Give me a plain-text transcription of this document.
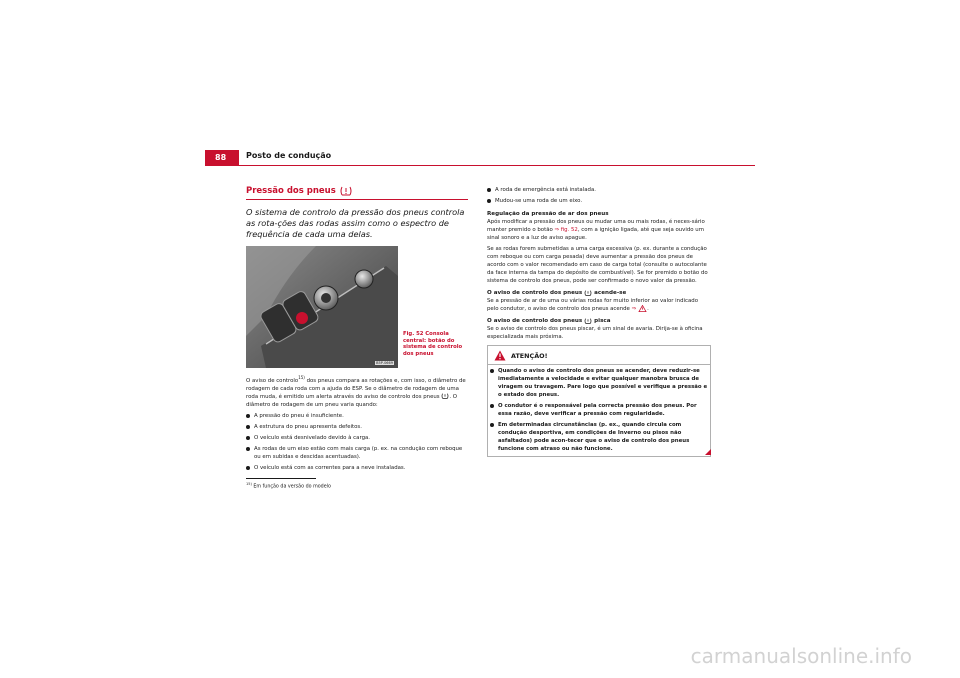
88	Posto de condução
Pressão dos pneus
O sistema de controlo da pressão dos pneus controla as rota-ções das rodas assim como o espectro de frequência de cada uma delas.
B5P-0669
Fig. 52 Consola central: botão do sistema de controlo dos pneus

O aviso de controlo$^{15)}$ dos pneus compara as rotações e, com isso, o diâmetro de rodagem de cada roda com a ajuda do ESP. Se o diâmetro de rodagem de uma roda muda, é emitido um alerta através do aviso de controlo dos pneus . O diâmetro de rodagem de um pneu varia quando:

A pressão do pneu é insuficiente.
A estrutura do pneu apresenta defeitos.
O veículo está desnivelado devido à carga.
As rodas de um eixo estão com mais carga (p. ex. na condução com reboque ou em subidas e descidas acentuadas).
O veículo está com as correntes para a neve instaladas.
$^{15)}$ Em função da versão do modelo
A roda de emergência está instalada.
Mudou-se uma roda de um eixo.
Regulação da pressão de ar dos pneus

Após modificar a pressão dos pneus ou mudar uma ou mais rodas, é neces-sário manter premido o botão ⇒ fig. 52, com a ignição ligada, até que seja ouvido um sinal sonoro e a luz de aviso apague.

Se as rodas forem submetidas a uma carga excessiva (p. ex. durante a condução com reboque ou com carga pesada) deve aumentar a pressão dos pneus de acordo com o valor recomendado em caso de carga total (consulte o autocolante da face interna da tampa do depósito de combustível). Se for premido o botão do sistema de controlo dos pneus, pode ser confirmado o novo valor da pressão.

O aviso de controlo dos pneus  acende-se

Se a pressão de ar de uma ou várias rodas for muito inferior ao valor indicado pelo condutor, o aviso de controlo dos pneus acende ⇒ .

O aviso de controlo dos pneus  pisca

Se o aviso de controlo dos pneus piscar, é um sinal de avaria. Dirija-se à oficina especializada mais próxima.

ATENÇÃO!
Quando o aviso de controlo dos pneus se acender, deve reduzir-se imediatamente a velocidade e evitar qualquer manobra brusca de viragem ou travagem. Pare logo que possível e verifique a pressão e o estado dos pneus.
O condutor é o responsável pela correcta pressão dos pneus. Por essa razão, deve verificar a pressão com regularidade.
Em determinadas circunstâncias (p. ex., quando circula com condução desportiva, em condições de Inverno ou pisos não asfaltados) pode acon-tecer que o aviso de controlo dos pneus funcione com atraso ou não funcione.
carmanualsonline.info
